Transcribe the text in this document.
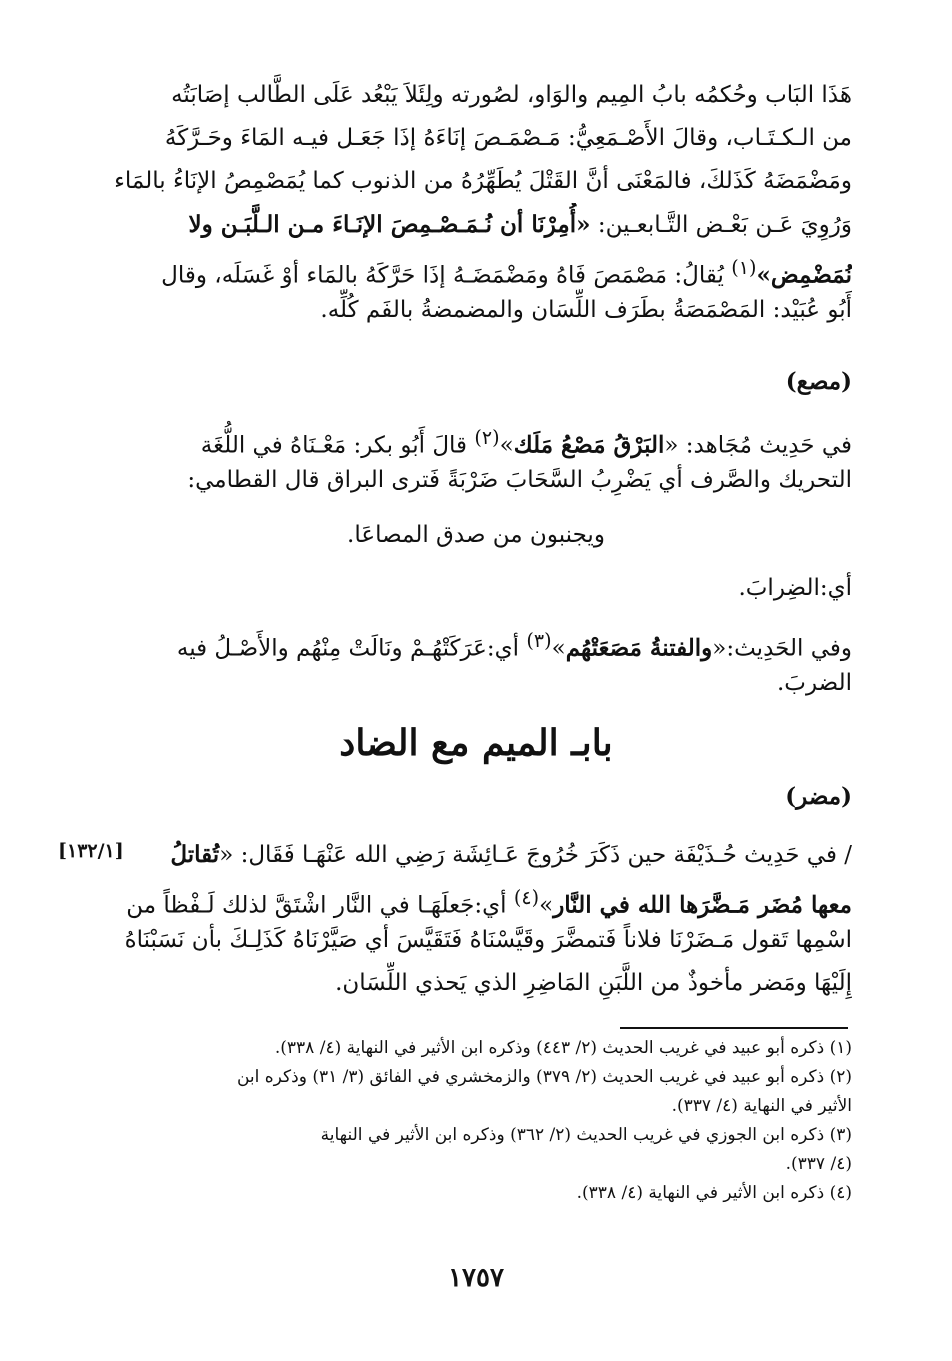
هَذَا البَاب وحُكمُه بابُ المِيم والوَاو، لصُورته ولِئَلاَ يَبْعُد عَلَى الطَّالب إصَابَتُه
من الـكـتَـاب، وقالَ الأَصْـمَعِيُّ: مَـصْمَـصَ إنَاءَهُ إذَا جَعَـل فيـه المَاءَ وحَـرَّكَهُ
ومَضْمَضَهُ كَذَلكَ، فالمَعْنَى أنَّ القَتْلَ يُطَهِّرُهُ من الذنوب كما يُمَصْمِصُ الإنَاءُ بالمَاء
وَرُوِيَ عَـن بَعْـض التَّـابعـين: «أُمِرْنَا أن نُـمَـصْـمِصَ الإنَـاءَ مـن الـلَّبَـن ولا
نُمَضْمِض»$^{(١)}$ يُقالُ: مَصْمَصَ فَاهُ ومَضْمَضَـهُ إذَا حَرَّكَهُ بالمَاء أوْ غَسَلَه، وقال
أَبُو عُبَيْد: المَصْمَصَةُ بطَرَف اللِّسَان والمضمضةُ بالفَم كُلِّه.
(مصع)
في حَدِيث مُجَاهد: «البَرْقُ مَصْعُ مَلَك»$^{(٢)}$ قالَ أَبُو بكر: مَعْـنَاهُ في اللُّغَة
التحريك والصَّرف أي يَضْرِبُ السَّحَابَ ضَرْبَةً فَترى البراق قال القطامي:
ويجنبون من صدق المصاعَا.
أي:الضِرابَ.
وفي الحَدِيث:«والفتنةُ مَصَعَتْهُم»$^{(٣)}$ أي:عَرَكَتْهُـمْ ونَالَتْ مِنْهُم والأَصْـلُ فيه
الضربَ.
بابـ الميم مع الضاد
(مضر)
[١٣٢/١]	/ في حَدِيث حُـذَيْفَة حين ذَكَرَ خُرُوجَ عَـائِشَة رَضِي الله عَنْهَـا فَقَال: «تُقاتلُ
معها مُضَر مَـضَّرَها الله في النَّار»$^{(٤)}$ أي:جَعلَهَـا في النَّار اشْتَقَّ لذلك لَـفْظاً من
اسْمِها تَقول مَـضَرْنَا فلاناً فَتمضَّرَ وقَيَّسْنَاهُ فَتَقَيَّسَ أي صَيَّرْنَاهُ كَذَلِـكَ بأن نَسَبْنَاهُ
إِلَيْهَا ومَضر مأخوذٌ من اللَّبَنِ المَاضِرِ الذي يَحذي اللِّسَان.
(١) ذكره أبو عبيد في غريب الحديث (٢/ ٤٤٣) وذكره ابن الأثير في النهاية (٤/ ٣٣٨).
(٢) ذكره أبو عبيد في غريب الحديث (٢/ ٣٧٩) والزمخشري في الفائق (٣/ ٣١) وذكره ابن
الأثير في النهاية (٤/ ٣٣٧).
(٣) ذكره ابن الجوزي في غريب الحديث (٢/ ٣٦٢) وذكره ابن الأثير في النهاية
(٤/ ٣٣٧).
(٤) ذكره ابن الأثير في النهاية (٤/ ٣٣٨).
١٧٥٧
